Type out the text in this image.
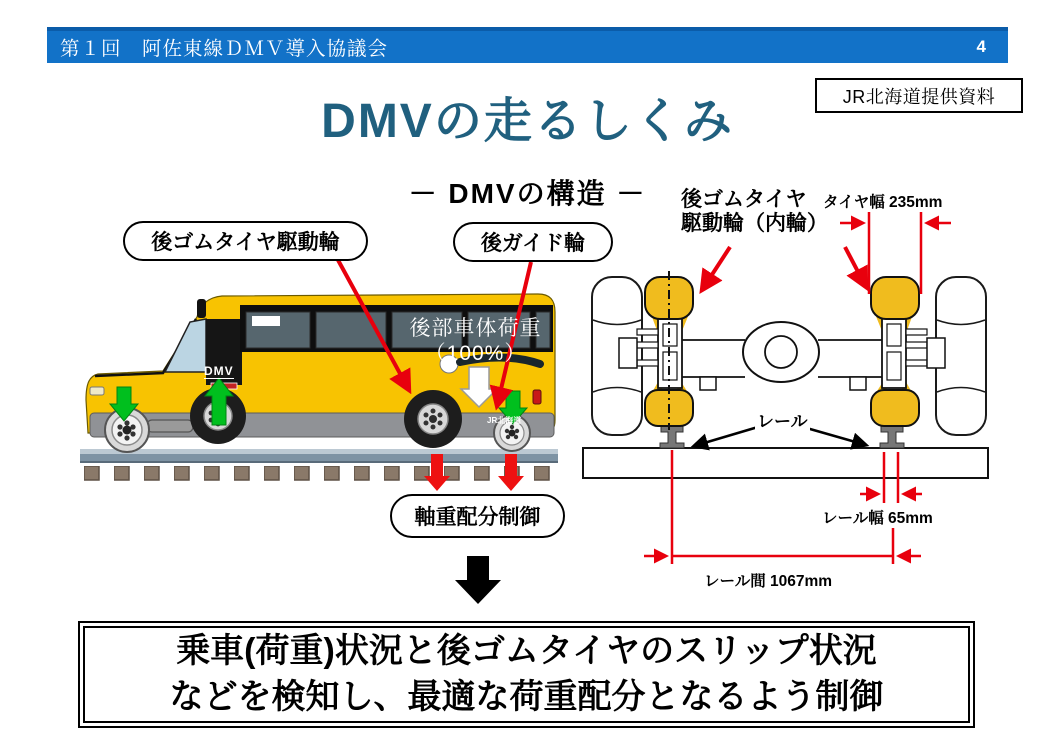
第１回　阿佐東線ＤＭＶ導入協議会	4
JR北海道提供資料
DMVの走るしくみ
－ DMVの構造 －
後ゴムタイヤ駆動輪	後ガイド輪
軸重配分制御
後部車体荷重
（100%）
DMV
JR北海道
後ゴムタイヤ
駆動輪（内輪）
タイヤ幅 235mm
レール
レール幅 65mm
レール間 1067mm
乗車(荷重)状況と後ゴムタイヤのスリップ状況
などを検知し、最適な荷重配分となるよう制御
